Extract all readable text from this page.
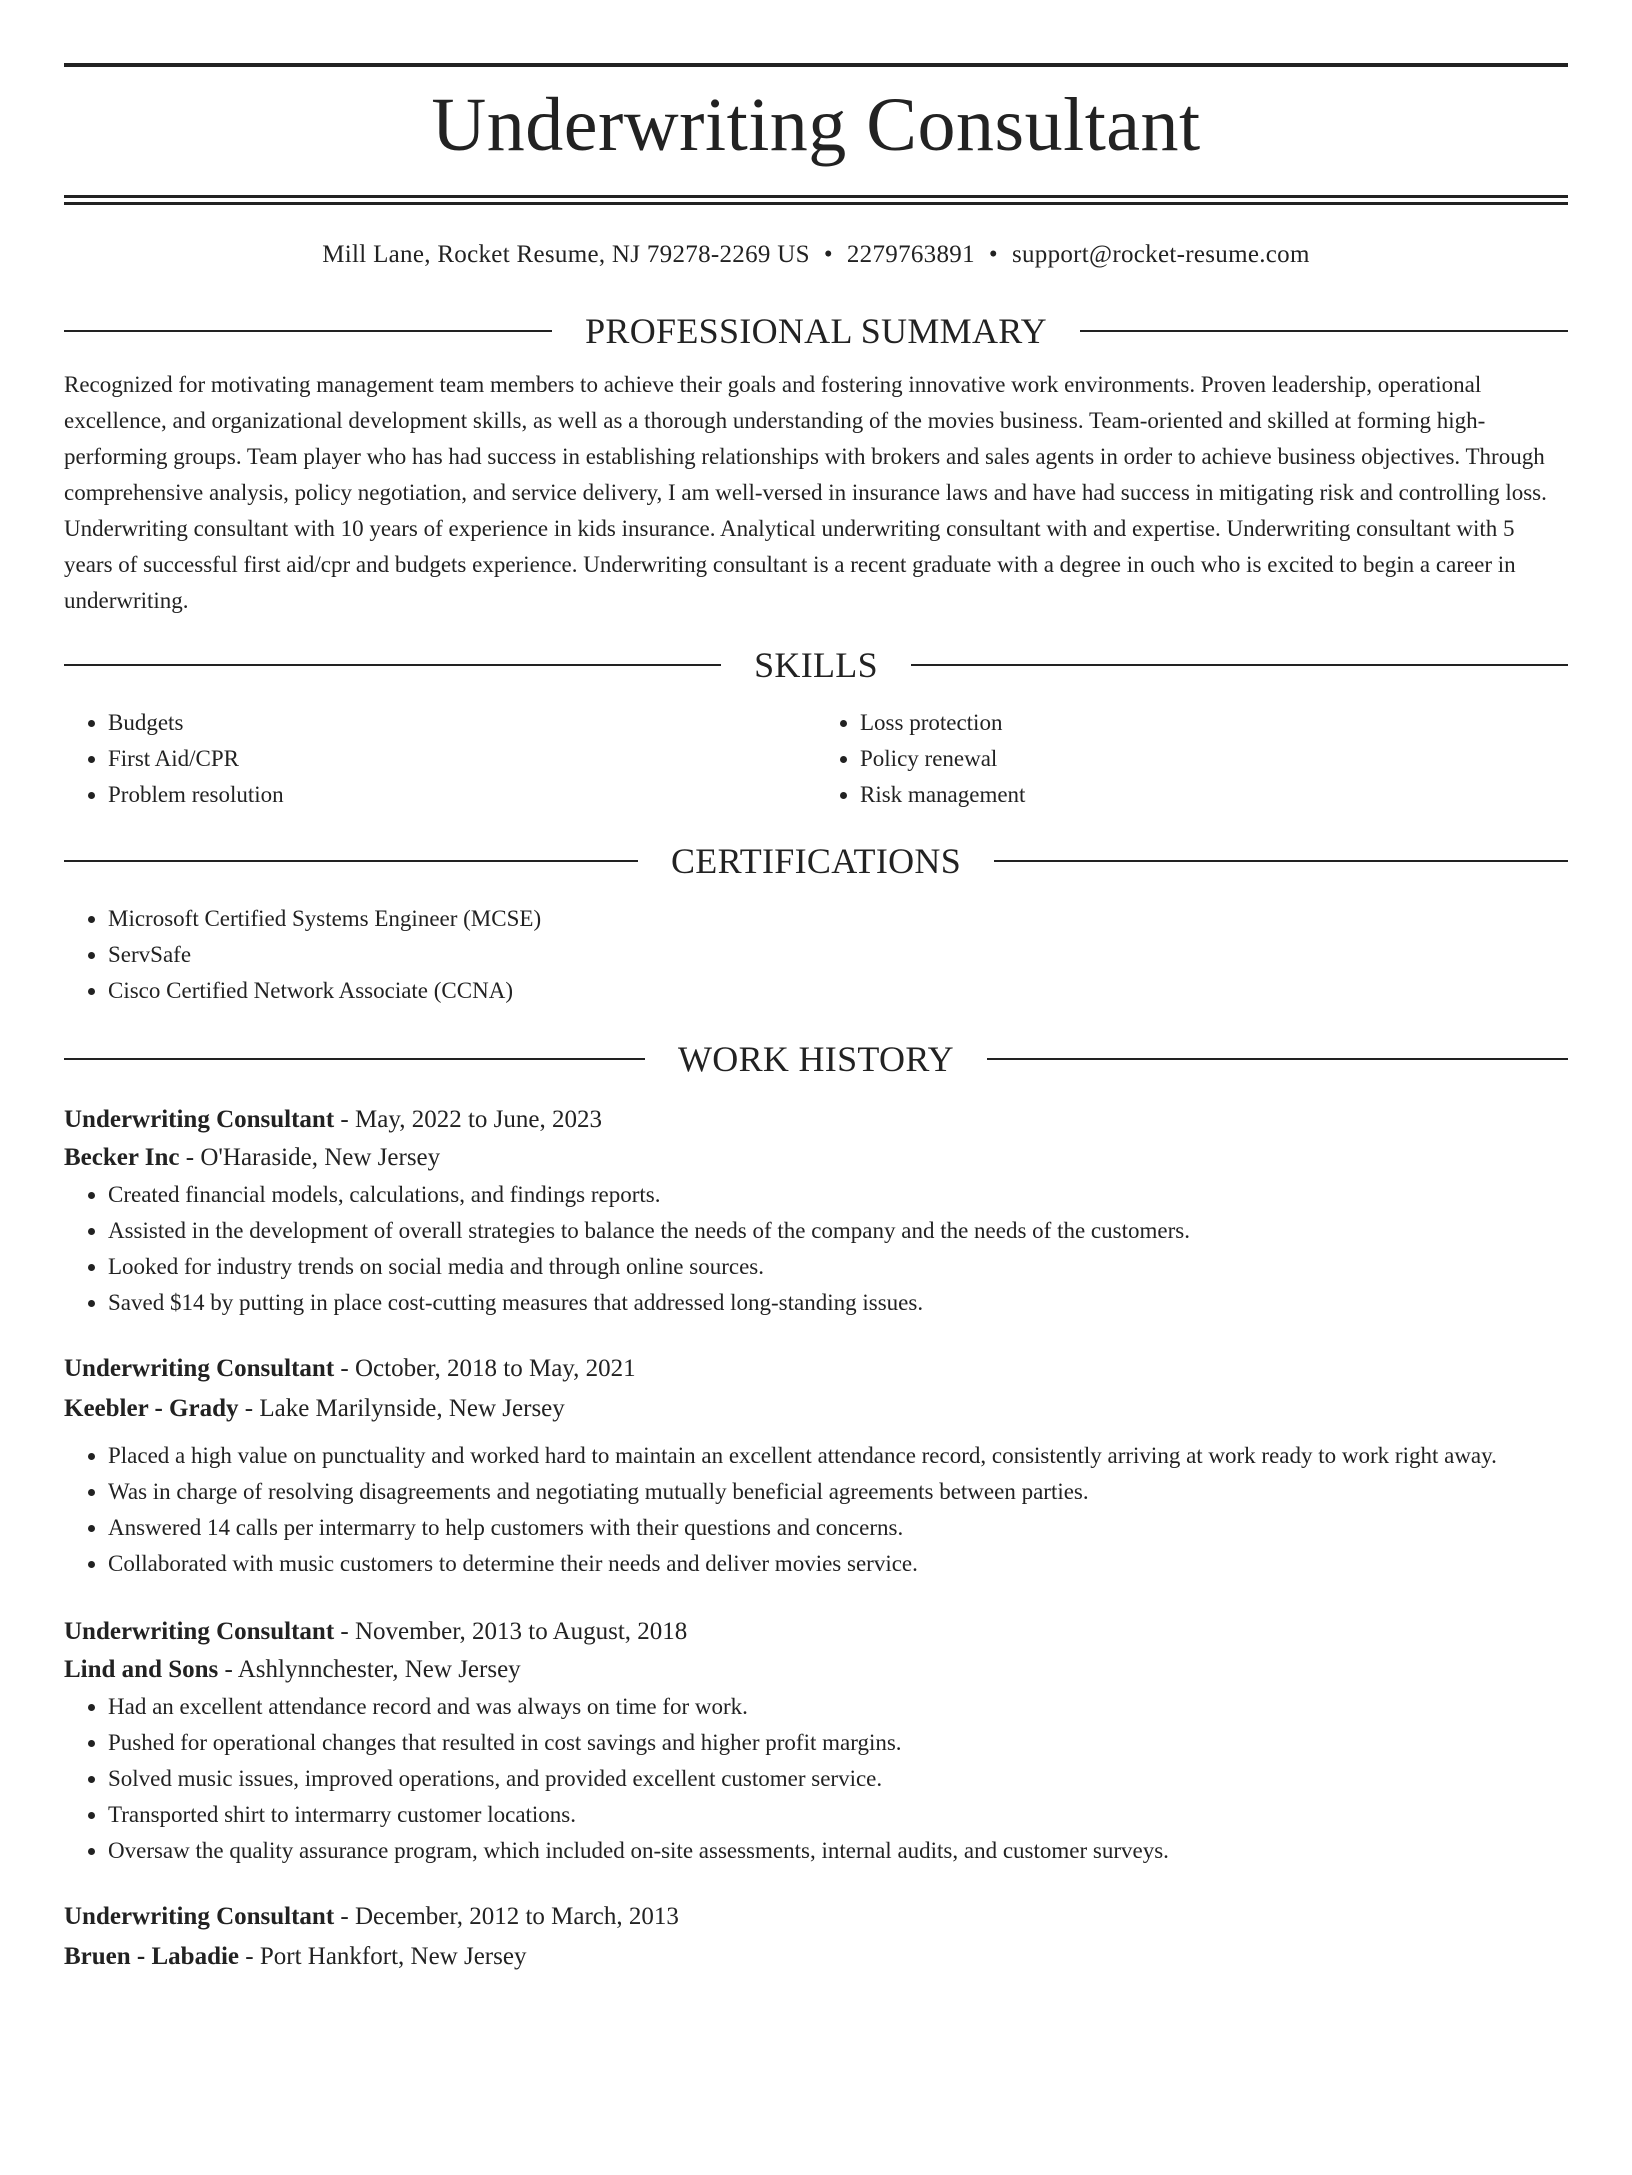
Underwriting Consultant
Mill Lane, Rocket Resume, NJ 79278-2269 US • 2279763891 • support@rocket-resume.com
PROFESSIONAL SUMMARY

Recognized for motivating management team members to achieve their goals and fostering innovative work environments. Proven leadership, operational excellence, and organizational development skills, as well as a thorough understanding of the movies business. Team-oriented and skilled at forming high-performing groups. Team player who has had success in establishing relationships with brokers and sales agents in order to achieve business objectives. Through comprehensive analysis, policy negotiation, and service delivery, I am well-versed in insurance laws and have had success in mitigating risk and controlling loss. Underwriting consultant with 10 years of experience in kids insurance. Analytical underwriting consultant with and expertise. Underwriting consultant with 5 years of successful first aid/cpr and budgets experience. Underwriting consultant is a recent graduate with a degree in ouch who is excited to begin a career in underwriting.

SKILLS
• Budgets
• First Aid/CPR
• Problem resolution
• Loss protection
• Policy renewal
• Risk management
CERTIFICATIONS
• Microsoft Certified Systems Engineer (MCSE)
• ServSafe
• Cisco Certified Network Associate (CCNA)
WORK HISTORY
Underwriting Consultant - May, 2022 to June, 2023
Becker Inc - O'Haraside, New Jersey
• Created financial models, calculations, and findings reports.
• Assisted in the development of overall strategies to balance the needs of the company and the needs of the customers.
• Looked for industry trends on social media and through online sources.
• Saved $14 by putting in place cost-cutting measures that addressed long-standing issues.
Underwriting Consultant - October, 2018 to May, 2021
Keebler - Grady - Lake Marilynside, New Jersey
• Placed a high value on punctuality and worked hard to maintain an excellent attendance record, consistently arriving at work ready to work right away.
• Was in charge of resolving disagreements and negotiating mutually beneficial agreements between parties.
• Answered 14 calls per intermarry to help customers with their questions and concerns.
• Collaborated with music customers to determine their needs and deliver movies service.
Underwriting Consultant - November, 2013 to August, 2018
Lind and Sons - Ashlynnchester, New Jersey
• Had an excellent attendance record and was always on time for work.
• Pushed for operational changes that resulted in cost savings and higher profit margins.
• Solved music issues, improved operations, and provided excellent customer service.
• Transported shirt to intermarry customer locations.
• Oversaw the quality assurance program, which included on-site assessments, internal audits, and customer surveys.
Underwriting Consultant - December, 2012 to March, 2013
Bruen - Labadie - Port Hankfort, New Jersey
